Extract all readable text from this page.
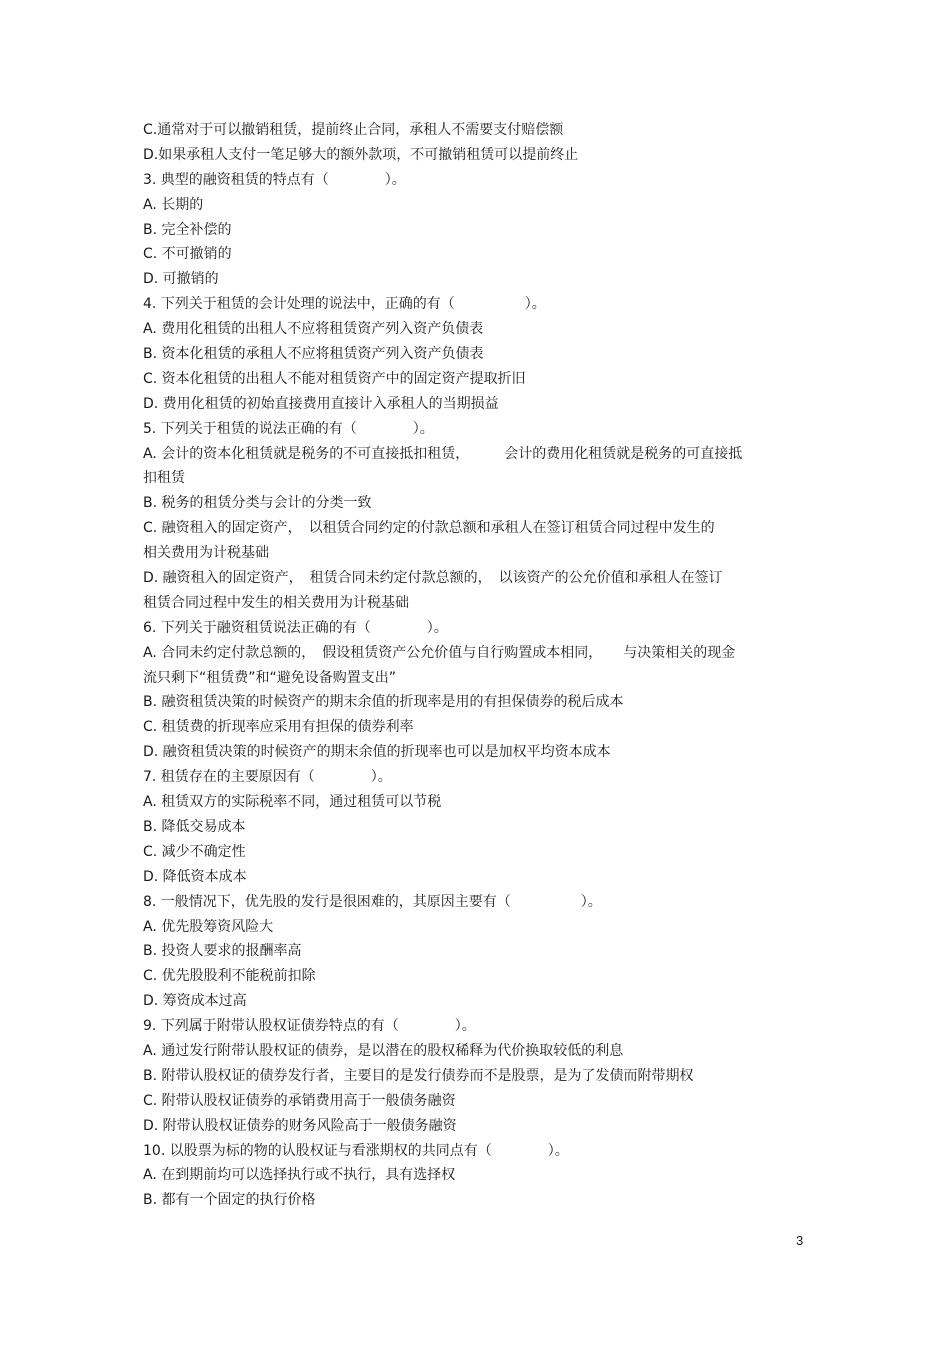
C.通常对于可以撤销租赁，提前终止合同，承租人不需要支付赔偿额
D.如果承租人支付一笔足够大的额外款项，不可撤销租赁可以提前终止
3. 典型的融资租赁的特点有（　　　　）。
A. 长期的
B. 完全补偿的
C. 不可撤销的
D. 可撤销的
4. 下列关于租赁的会计处理的说法中，正确的有（　　　　　）。
A. 费用化租赁的出租人不应将租赁资产列入资产负债表
B. 资本化租赁的承租人不应将租赁资产列入资产负债表
C. 资本化租赁的出租人不能对租赁资产中的固定资产提取折旧
D. 费用化租赁的初始直接费用直接计入承租人的当期损益
5. 下列关于租赁的说法正确的有（　　　　）。
A. 会计的资本化租赁就是税务的不可直接抵扣租赁，　　　会计的费用化租赁就是税务的可直接抵
扣租赁
B. 税务的租赁分类与会计的分类一致
C. 融资租入的固定资产，　以租赁合同约定的付款总额和承租人在签订租赁合同过程中发生的
相关费用为计税基础
D. 融资租入的固定资产，　租赁合同未约定付款总额的，　以该资产的公允价值和承租人在签订
租赁合同过程中发生的相关费用为计税基础
6. 下列关于融资租赁说法正确的有（　　　　）。
A. 合同未约定付款总额的，　假设租赁资产公允价值与自行购置成本相同，　　与决策相关的现金
流只剩下“租赁费”和“避免设备购置支出”
B. 融资租赁决策的时候资产的期末余值的折现率是用的有担保债券的税后成本
C. 租赁费的折现率应采用有担保的债券利率
D. 融资租赁决策的时候资产的期末余值的折现率也可以是加权平均资本成本
7. 租赁存在的主要原因有（　　　　）。
A. 租赁双方的实际税率不同，通过租赁可以节税
B. 降低交易成本
C. 减少不确定性
D. 降低资本成本
8. 一般情况下，优先股的发行是很困难的，其原因主要有（　　　　　）。
A. 优先股筹资风险大
B. 投资人要求的报酬率高
C. 优先股股利不能税前扣除
D. 筹资成本过高
9. 下列属于附带认股权证债券特点的有（　　　　）。
A. 通过发行附带认股权证的债券，是以潜在的股权稀释为代价换取较低的利息
B. 附带认股权证的债券发行者，主要目的是发行债券而不是股票，是为了发债而附带期权
C. 附带认股权证债券的承销费用高于一般债务融资
D. 附带认股权证债券的财务风险高于一般债务融资
10. 以股票为标的物的认股权证与看涨期权的共同点有（　　　　）。
A. 在到期前均可以选择执行或不执行，具有选择权
B. 都有一个固定的执行价格
3
